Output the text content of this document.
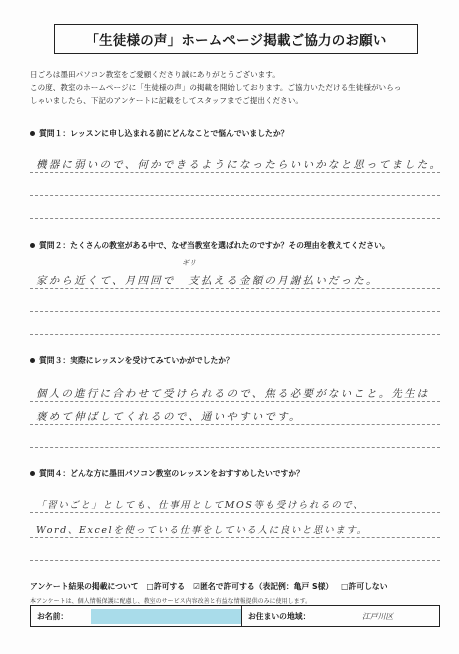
「生徒様の声」ホームページ掲載ご協力のお願い
日ごろは墨田パソコン教室をご愛顧くださり誠にありがとうございます。
この度、教室のホームページに「生徒様の声」の掲載を開始しております。ご協力いただける生徒様がいらっ
しゃいましたら、下記のアンケートに記載をしてスタッフまでご提出ください。
質問１：レッスンに申し込まれる前にどんなことで悩んでいましたか？
機器に弱いので、何かできるようになったらいいかなと思ってました。
質問２：たくさんの教室がある中で、なぜ当教室を選ばれたのですか？その理由を教えてください。
ギリ
家から近くて、月四回で　支払える金額の月謝払いだった。
質問３：実際にレッスンを受けてみていかがでしたか？
個人の進行に合わせて受けられるので、焦る必要がないこと。先生は
褒めて伸ばしてくれるので、通いやすいです。
質問４：どんな方に墨田パソコン教室のレッスンをおすすめしたいですか？
「習いごと」としても、仕事用としてMOS等も受けられるので、
Word、Excelを使っている仕事をしている人に良いと思います。
アンケート結果の掲載について □許可する ☑匿名で許可する（表記例：亀戸 S様） □許可しない
本アンケートは、個人情報保護に配慮し、教室のサービス内容改善と有益な情報提供のみに使用します。
お名前：	お住まいの地域：	江戸川区
